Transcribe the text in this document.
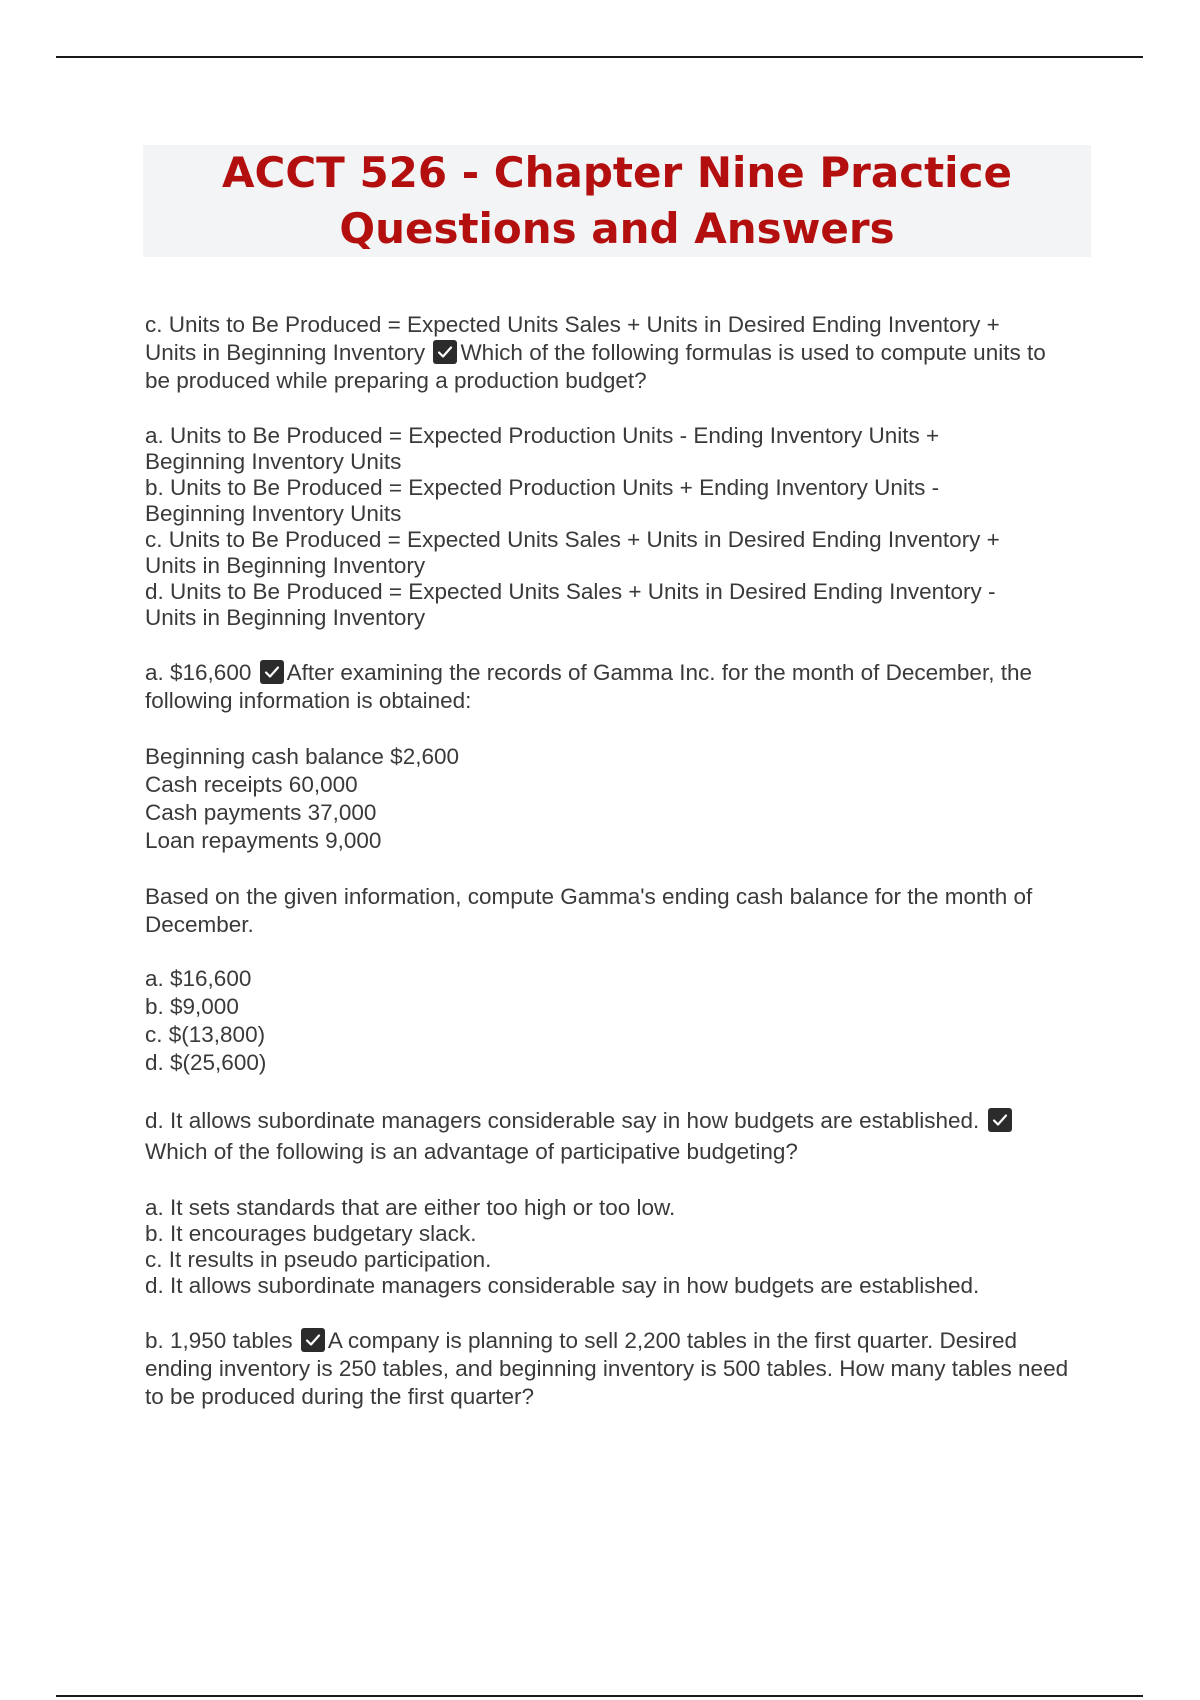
ACCT 526 - Chapter Nine Practice Questions and Answers
c. Units to Be Produced = Expected Units Sales + Units in Desired Ending Inventory + Units in Beginning Inventory Which of the following formulas is used to compute units to be produced while preparing a production budget?
a. Units to Be Produced = Expected Production Units - Ending Inventory Units + Beginning Inventory Units
b. Units to Be Produced = Expected Production Units + Ending Inventory Units - Beginning Inventory Units
c. Units to Be Produced = Expected Units Sales + Units in Desired Ending Inventory + Units in Beginning Inventory
d. Units to Be Produced = Expected Units Sales + Units in Desired Ending Inventory - Units in Beginning Inventory
a. $16,600 After examining the records of Gamma Inc. for the month of December, the following information is obtained:
Beginning cash balance $2,600
Cash receipts 60,000
Cash payments 37,000
Loan repayments 9,000
Based on the given information, compute Gamma's ending cash balance for the month of December.
a. $16,600
b. $9,000
c. $(13,800)
d. $(25,600)
d. It allows subordinate managers considerable say in how budgets are established.
Which of the following is an advantage of participative budgeting?
a. It sets standards that are either too high or too low.
b. It encourages budgetary slack.
c. It results in pseudo participation.
d. It allows subordinate managers considerable say in how budgets are established.
b. 1,950 tables A company is planning to sell 2,200 tables in the first quarter. Desired ending inventory is 250 tables, and beginning inventory is 500 tables. How many tables need to be produced during the first quarter?
